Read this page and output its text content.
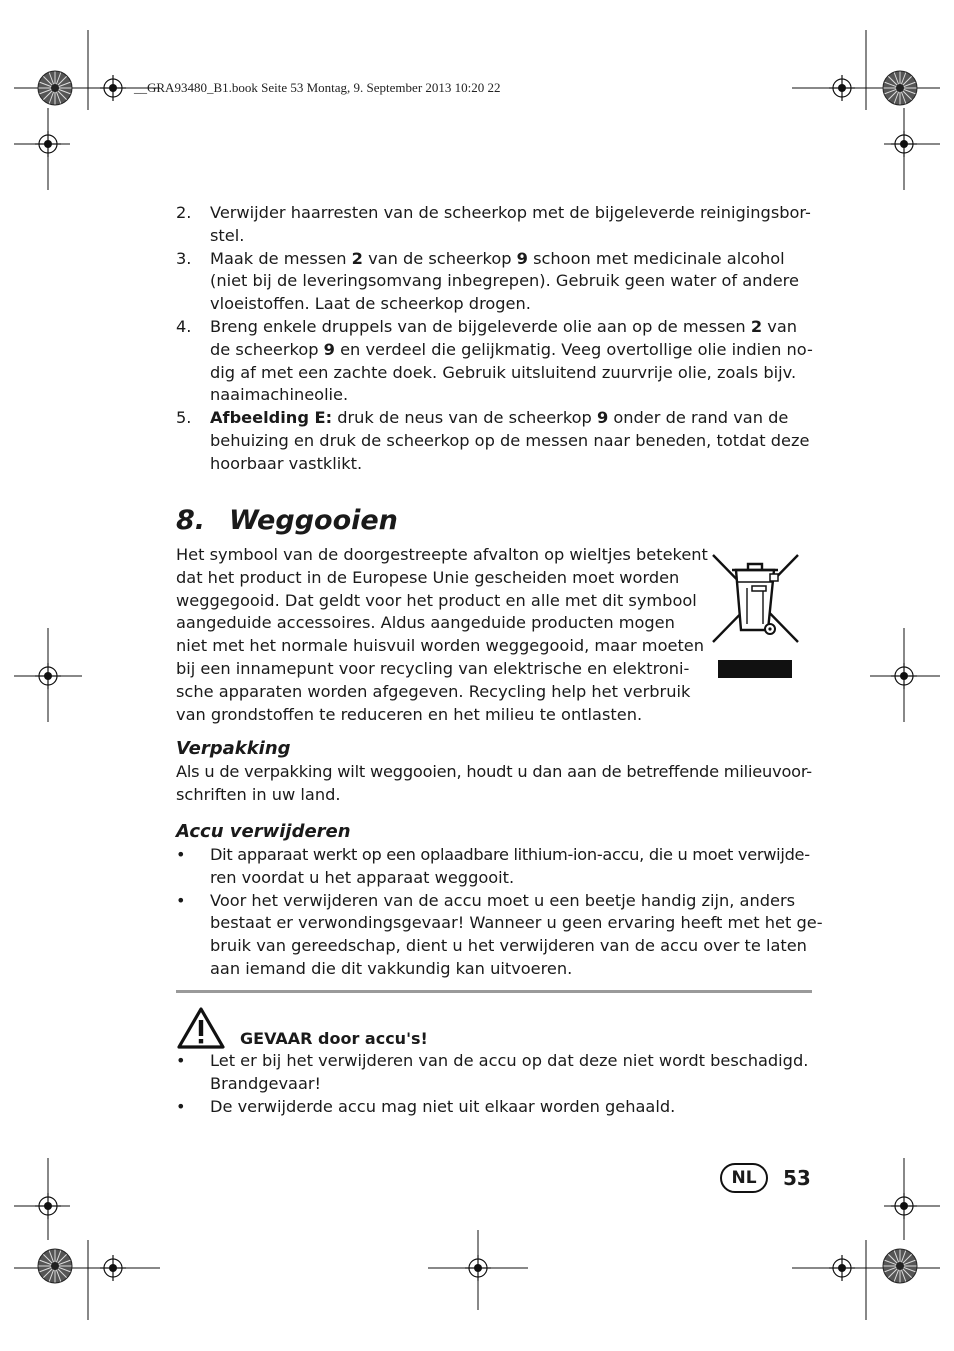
__GRA93480_B1.book Seite 53 Montag, 9. September 2013 10:20 22
2. Verwijder haarresten van de scheerkop met de bijgeleverde reinigingsbor-
stel.
3. Maak de messen 2 van de scheerkop 9 schoon met medicinale alcohol
(niet bij de leveringsomvang inbegrepen). Gebruik geen water of andere
vloeistoffen. Laat de scheerkop drogen.
4. Breng enkele druppels van de bijgeleverde olie aan op de messen 2 van
de scheerkop 9 en verdeel die gelijkmatig. Veeg overtollige olie indien no-
dig af met een zachte doek. Gebruik uitsluitend zuurvrije olie, zoals bijv.
naaimachineolie.
5. Afbeelding E: druk de neus van de scheerkop 9 onder de rand van de
behuizing en druk de scheerkop op de messen naar beneden, totdat deze
hoorbaar vastklikt.
8. Weggooien
Het symbool van de doorgestreepte afvalton op wieltjes betekent
dat het product in de Europese Unie gescheiden moet worden
weggegooid. Dat geldt voor het product en alle met dit symbool
aangeduide accessoires. Aldus aangeduide producten mogen
niet met het normale huisvuil worden weggegooid, maar moeten
bij een innamepunt voor recycling van elektrische en elektroni-
sche apparaten worden afgegeven. Recycling help het verbruik
van grondstoffen te reduceren en het milieu te ontlasten.
Verpakking
Als u de verpakking wilt weggooien, houdt u dan aan de betreffende milieuvoor-
schriften in uw land.
Accu verwijderen
• Dit apparaat werkt op een oplaadbare lithium-ion-accu, die u moet verwijde-
ren voordat u het apparaat weggooit.
• Voor het verwijderen van de accu moet u een beetje handig zijn, anders
bestaat er verwondingsgevaar! Wanneer u geen ervaring heeft met het ge-
bruik van gereedschap, dient u het verwijderen van de accu over te laten
aan iemand die dit vakkundig kan uitvoeren.
GEVAAR door accu's!
• Let er bij het verwijderen van de accu op dat deze niet wordt beschadigd.
Brandgevaar!
• De verwijderde accu mag niet uit elkaar worden gehaald.
NL	53
